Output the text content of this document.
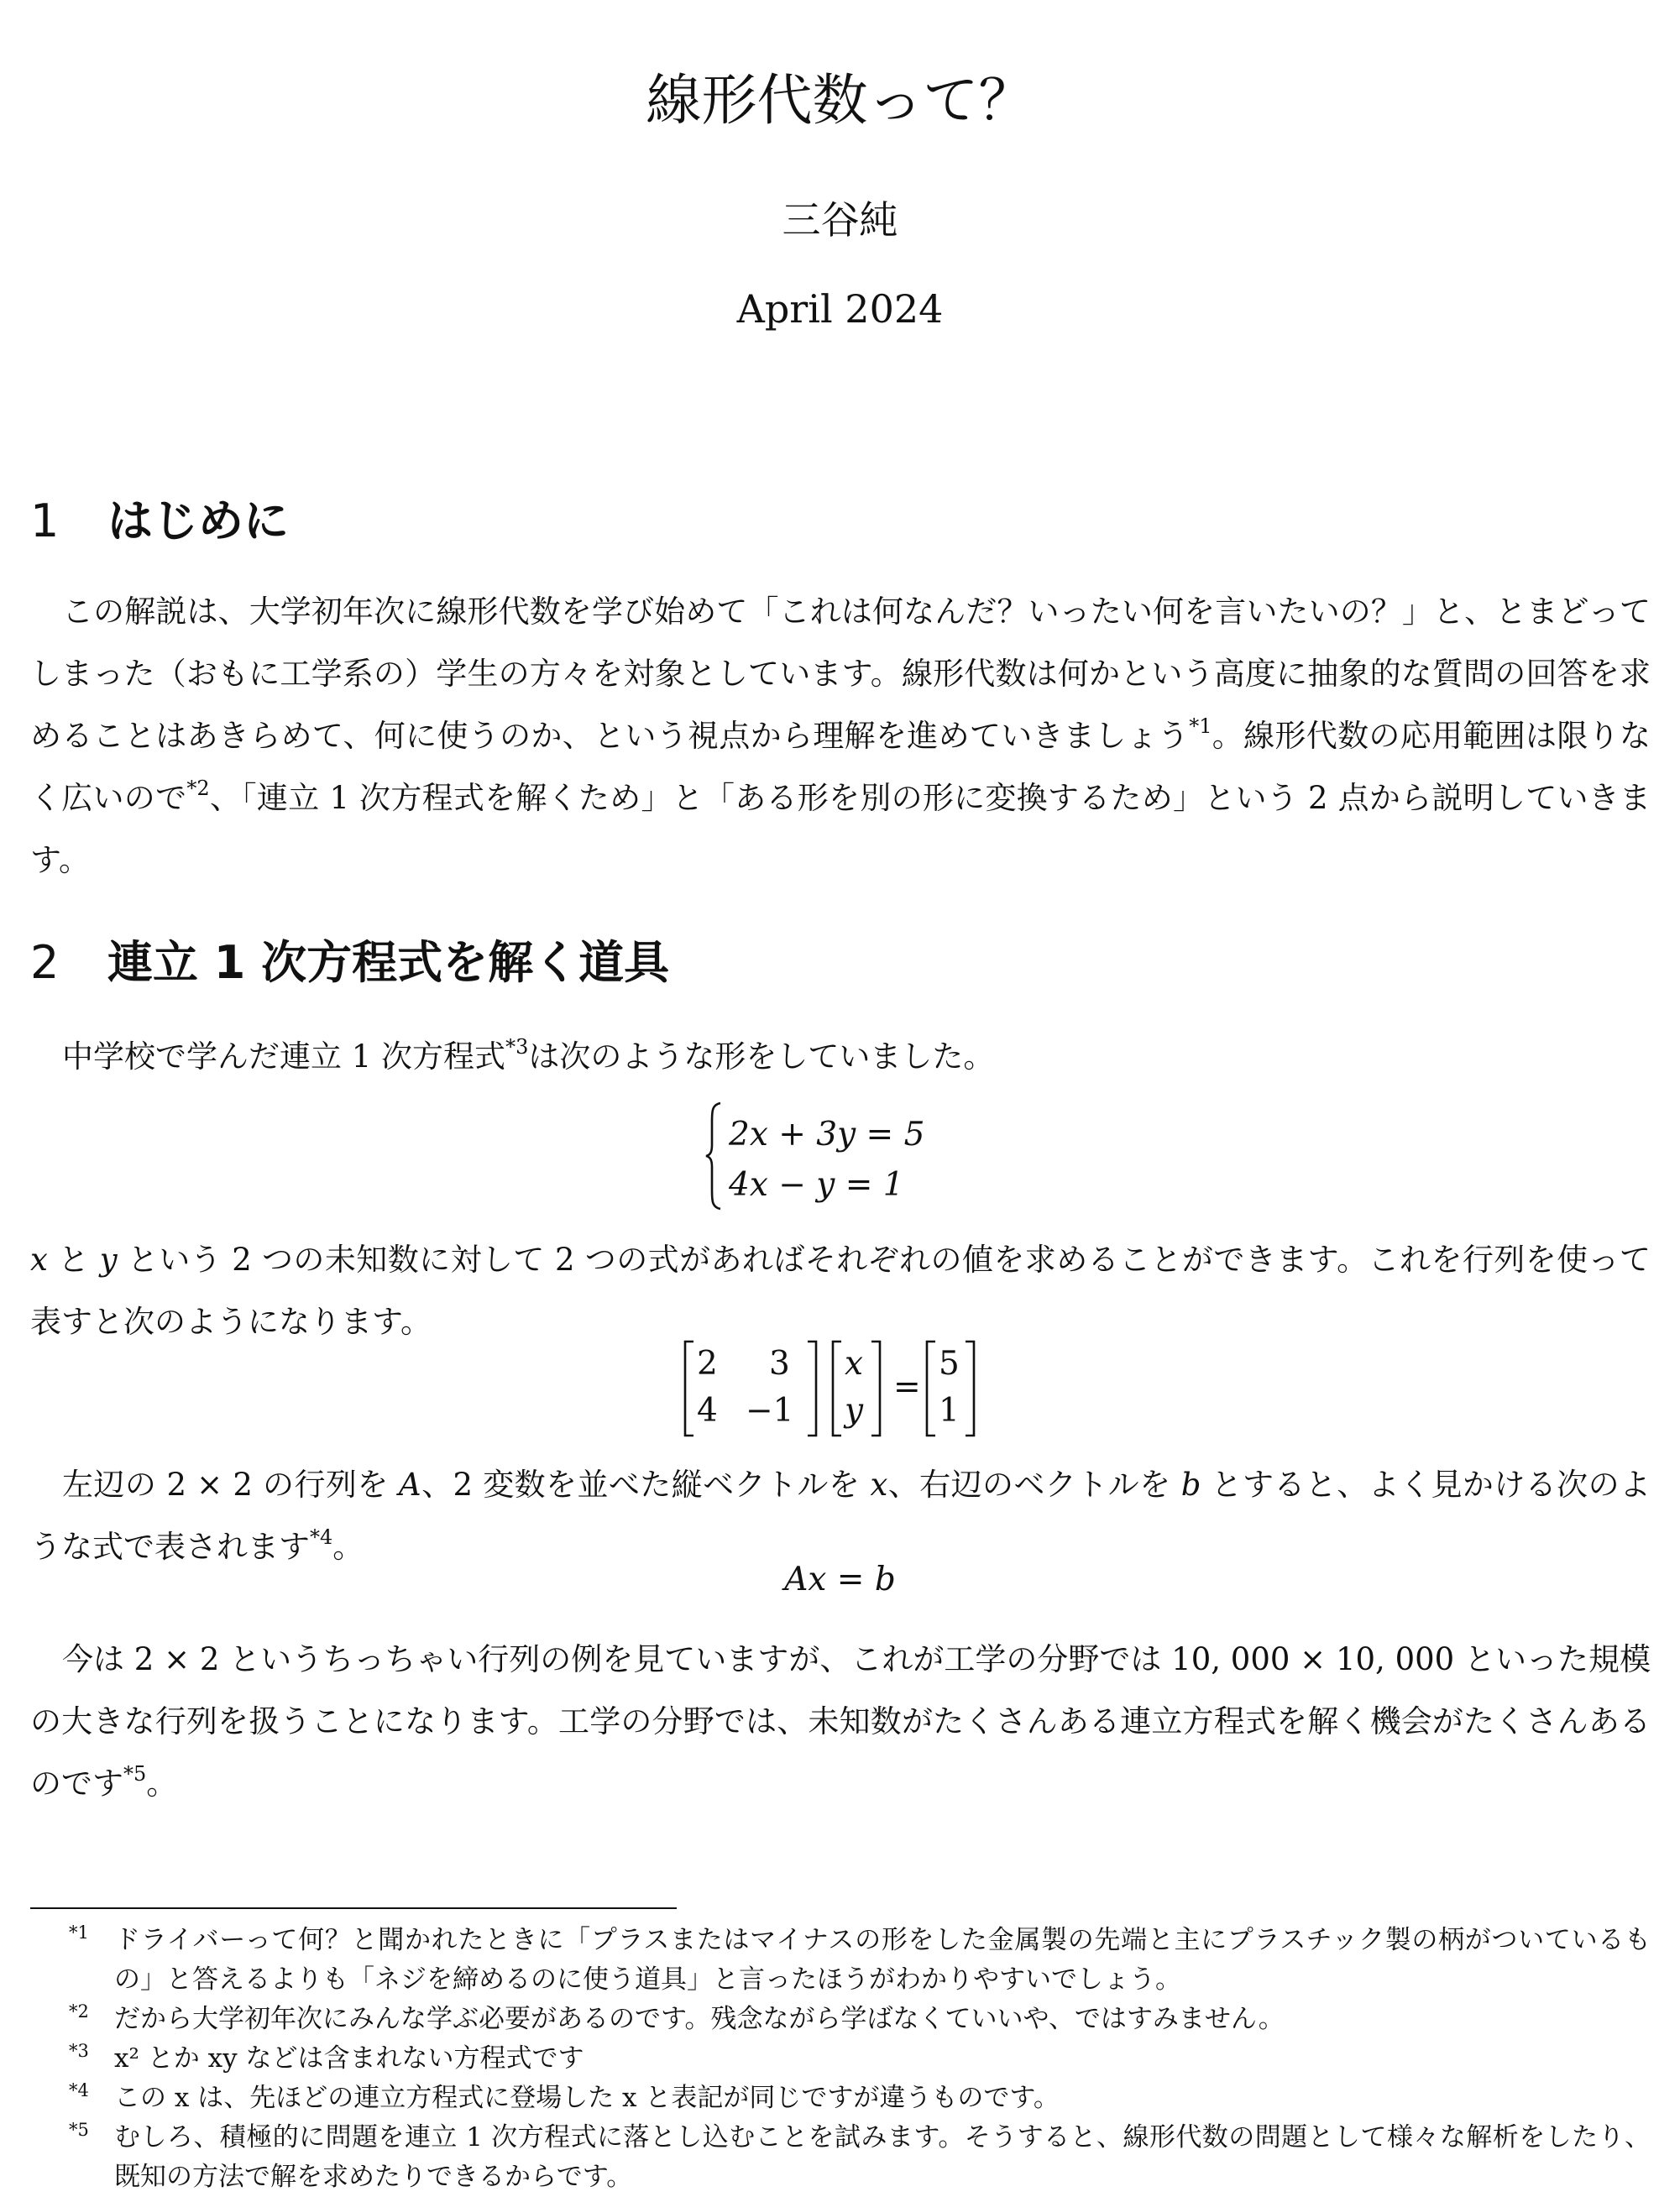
線形代数って？
三谷純
April 2024
1 はじめに
この解説は、大学初年次に線形代数を学び始めて「これは何なんだ？いったい何を言いたいの？」と、とまどってしまった（おもに工学系の）学生の方々を対象としています。線形代数は何かという高度に抽象的な質問の回答を求めることはあきらめて、何に使うのか、という視点から理解を進めていきましょう$^{*1}$。線形代数の応用範囲は限りなく広いので$^{*2}$、「連立 1 次方程式を解くため」と「ある形を別の形に変換するため」という 2 点から説明していきます。
2 連立 1 次方程式を解く道具
中学校で学んだ連立 1 次方程式$^{*3}$は次のような形をしていました。
2x + 3y = 5
4x − y = 1
x と y という 2 つの未知数に対して 2 つの式があればそれぞれの値を求めることができます。これを行列を使って表すと次のようになります。
2 3
4 −1
x
y
=
5
1
左辺の 2 × 2 の行列を A、2 変数を並べた縦ベクトルを x、右辺のベクトルを b とすると、よく見かける次のような式で表されます$^{*4}$。
Ax = b
今は 2 × 2 というちっちゃい行列の例を見ていますが、これが工学の分野では 10, 000 × 10, 000 といった規模の大きな行列を扱うことになります。工学の分野では、未知数がたくさんある連立方程式を解く機会がたくさんあるのです$^{*5}$。
$^{*1}$ ドライバーって何？と聞かれたときに「プラスまたはマイナスの形をした金属製の先端と主にプラスチック製の柄がついているもの」と答えるよりも「ネジを締めるのに使う道具」と言ったほうがわかりやすいでしょう。
$^{*2}$ だから大学初年次にみんな学ぶ必要があるのです。残念ながら学ばなくていいや、ではすみません。
$^{*3}$ x² とか xy などは含まれない方程式です
$^{*4}$ この x は、先ほどの連立方程式に登場した x と表記が同じですが違うものです。
$^{*5}$ むしろ、積極的に問題を連立 1 次方程式に落とし込むことを試みます。そうすると、線形代数の問題として様々な解析をしたり、既知の方法で解を求めたりできるからです。
